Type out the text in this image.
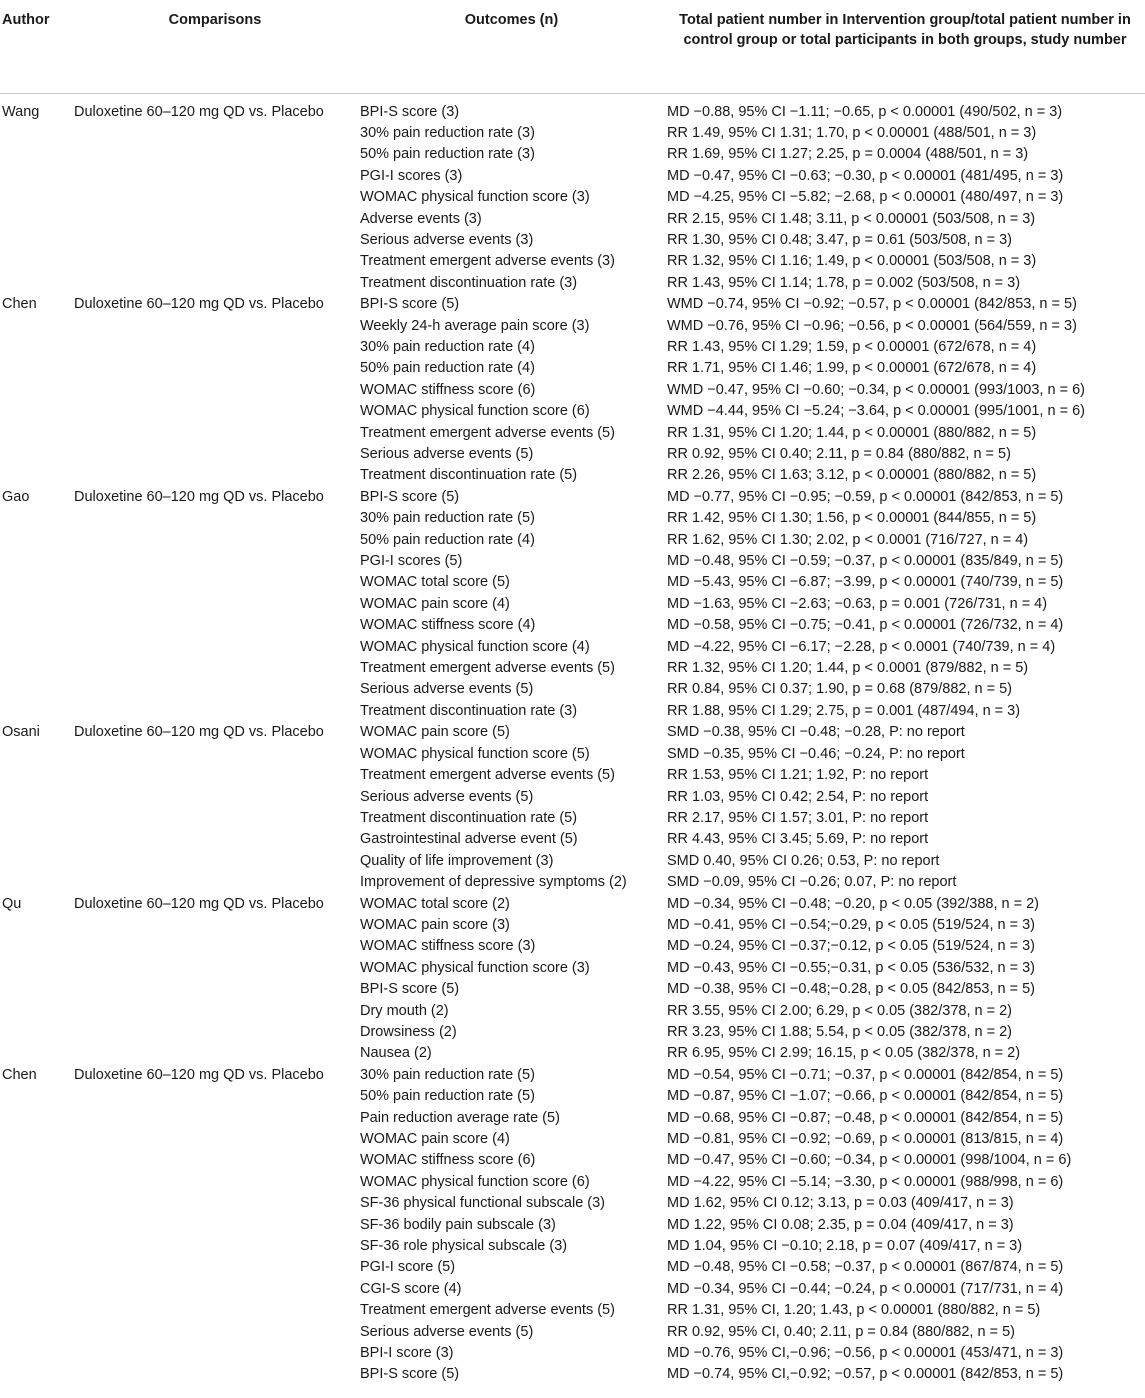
Author	Comparisons	Outcomes (n)	Total patient number in Intervention group/total patient number in control group or total participants in both groups, study number
Wang	Duloxetine 60–120 mg QD vs. Placebo	BPI-S score (3)	MD −0.88, 95% CI −1.11; −0.65, p < 0.00001 (490/502, n = 3)
		30% pain reduction rate (3)	RR 1.49, 95% CI 1.31; 1.70, p < 0.00001 (488/501, n = 3)
		50% pain reduction rate (3)	RR 1.69, 95% CI 1.27; 2.25, p = 0.0004 (488/501, n = 3)
		PGI-I scores (3)	MD −0.47, 95% CI −0.63; −0.30, p < 0.00001 (481/495, n = 3)
		WOMAC physical function score (3)	MD −4.25, 95% CI −5.82; −2.68, p < 0.00001 (480/497, n = 3)
		Adverse events (3)	RR 2.15, 95% CI 1.48; 3.11, p < 0.00001 (503/508, n = 3)
		Serious adverse events (3)	RR 1.30, 95% CI 0.48; 3.47, p = 0.61 (503/508, n = 3)
		Treatment emergent adverse events (3)	RR 1.32, 95% CI 1.16; 1.49, p < 0.00001 (503/508, n = 3)
		Treatment discontinuation rate (3)	RR 1.43, 95% CI 1.14; 1.78, p = 0.002 (503/508, n = 3)
Chen	Duloxetine 60–120 mg QD vs. Placebo	BPI-S score (5)	WMD −0.74, 95% CI −0.92; −0.57, p < 0.00001 (842/853, n = 5)
		Weekly 24-h average pain score (3)	WMD −0.76, 95% CI −0.96; −0.56, p < 0.00001 (564/559, n = 3)
		30% pain reduction rate (4)	RR 1.43, 95% CI 1.29; 1.59, p < 0.00001 (672/678, n = 4)
		50% pain reduction rate (4)	RR 1.71, 95% CI 1.46; 1.99, p < 0.00001 (672/678, n = 4)
		WOMAC stiffness score (6)	WMD −0.47, 95% CI −0.60; −0.34, p < 0.00001 (993/1003, n = 6)
		WOMAC physical function score (6)	WMD −4.44, 95% CI −5.24; −3.64, p < 0.00001 (995/1001, n = 6)
		Treatment emergent adverse events (5)	RR 1.31, 95% CI 1.20; 1.44, p < 0.00001 (880/882, n = 5)
		Serious adverse events (5)	RR 0.92, 95% CI 0.40; 2.11, p = 0.84 (880/882, n = 5)
		Treatment discontinuation rate (5)	RR 2.26, 95% CI 1.63; 3.12, p < 0.00001 (880/882, n = 5)
Gao	Duloxetine 60–120 mg QD vs. Placebo	BPI-S score (5)	MD −0.77, 95% CI −0.95; −0.59, p < 0.00001 (842/853, n = 5)
		30% pain reduction rate (5)	RR 1.42, 95% CI 1.30; 1.56, p < 0.00001 (844/855, n = 5)
		50% pain reduction rate (4)	RR 1.62, 95% CI 1.30; 2.02, p < 0.0001 (716/727, n = 4)
		PGI-I scores (5)	MD −0.48, 95% CI −0.59; −0.37, p < 0.00001 (835/849, n = 5)
		WOMAC total score (5)	MD −5.43, 95% CI −6.87; −3.99, p < 0.00001 (740/739, n = 5)
		WOMAC pain score (4)	MD −1.63, 95% CI −2.63; −0.63, p = 0.001 (726/731, n = 4)
		WOMAC stiffness score (4)	MD −0.58, 95% CI −0.75; −0.41, p < 0.00001 (726/732, n = 4)
		WOMAC physical function score (4)	MD −4.22, 95% CI −6.17; −2.28, p < 0.0001 (740/739, n = 4)
		Treatment emergent adverse events (5)	RR 1.32, 95% CI 1.20; 1.44, p < 0.0001 (879/882, n = 5)
		Serious adverse events (5)	RR 0.84, 95% CI 0.37; 1.90, p = 0.68 (879/882, n = 5)
		Treatment discontinuation rate (3)	RR 1.88, 95% CI 1.29; 2.75, p = 0.001 (487/494, n = 3)
Osani	Duloxetine 60–120 mg QD vs. Placebo	WOMAC pain score (5)	SMD −0.38, 95% CI −0.48; −0.28, P: no report
		WOMAC physical function score (5)	SMD −0.35, 95% CI −0.46; −0.24, P: no report
		Treatment emergent adverse events (5)	RR 1.53, 95% CI 1.21; 1.92, P: no report
		Serious adverse events (5)	RR 1.03, 95% CI 0.42; 2.54, P: no report
		Treatment discontinuation rate (5)	RR 2.17, 95% CI 1.57; 3.01, P: no report
		Gastrointestinal adverse event (5)	RR 4.43, 95% CI 3.45; 5.69, P: no report
		Quality of life improvement (3)	SMD 0.40, 95% CI 0.26; 0.53, P: no report
		Improvement of depressive symptoms (2)	SMD −0.09, 95% CI −0.26; 0.07, P: no report
Qu	Duloxetine 60–120 mg QD vs. Placebo	WOMAC total score (2)	MD −0.34, 95% CI −0.48; −0.20, p < 0.05 (392/388, n = 2)
		WOMAC pain score (3)	MD −0.41, 95% CI −0.54;−0.29, p < 0.05 (519/524, n = 3)
		WOMAC stiffness score (3)	MD −0.24, 95% CI −0.37;−0.12, p < 0.05 (519/524, n = 3)
		WOMAC physical function score (3)	MD −0.43, 95% CI −0.55;−0.31, p < 0.05 (536/532, n = 3)
		BPI-S score (5)	MD −0.38, 95% CI −0.48;−0.28, p < 0.05 (842/853, n = 5)
		Dry mouth (2)	RR 3.55, 95% CI 2.00; 6.29, p < 0.05 (382/378, n = 2)
		Drowsiness (2)	RR 3.23, 95% CI 1.88; 5.54, p < 0.05 (382/378, n = 2)
		Nausea (2)	RR 6.95, 95% CI 2.99; 16.15, p < 0.05 (382/378, n = 2)
Chen	Duloxetine 60–120 mg QD vs. Placebo	30% pain reduction rate (5)	MD −0.54, 95% CI −0.71; −0.37, p < 0.00001 (842/854, n = 5)
		50% pain reduction rate (5)	MD −0.87, 95% CI −1.07; −0.66, p < 0.00001 (842/854, n = 5)
		Pain reduction average rate (5)	MD −0.68, 95% CI −0.87; −0.48, p < 0.00001 (842/854, n = 5)
		WOMAC pain score (4)	MD −0.81, 95% CI −0.92; −0.69, p < 0.00001 (813/815, n = 4)
		WOMAC stiffness score (6)	MD −0.47, 95% CI −0.60; −0.34, p < 0.00001 (998/1004, n = 6)
		WOMAC physical function score (6)	MD −4.22, 95% CI −5.14; −3.30, p < 0.00001 (988/998, n = 6)
		SF-36 physical functional subscale (3)	MD 1.62, 95% CI 0.12; 3.13, p = 0.03 (409/417, n = 3)
		SF-36 bodily pain subscale (3)	MD 1.22, 95% CI 0.08; 2.35, p = 0.04 (409/417, n = 3)
		SF-36 role physical subscale (3)	MD 1.04, 95% CI −0.10; 2.18, p = 0.07 (409/417, n = 3)
		PGI-I score (5)	MD −0.48, 95% CI −0.58; −0.37, p < 0.00001 (867/874, n = 5)
		CGI-S score (4)	MD −0.34, 95% CI −0.44; −0.24, p < 0.00001 (717/731, n = 4)
		Treatment emergent adverse events (5)	RR 1.31, 95% CI, 1.20; 1.43, p < 0.00001 (880/882, n = 5)
		Serious adverse events (5)	RR 0.92, 95% CI, 0.40; 2.11, p = 0.84 (880/882, n = 5)
		BPI-I score (3)	MD −0.76, 95% CI,−0.96; −0.56, p < 0.00001 (453/471, n = 3)
		BPI-S score (5)	MD −0.74, 95% CI,−0.92; −0.57, p < 0.00001 (842/853, n = 5)
